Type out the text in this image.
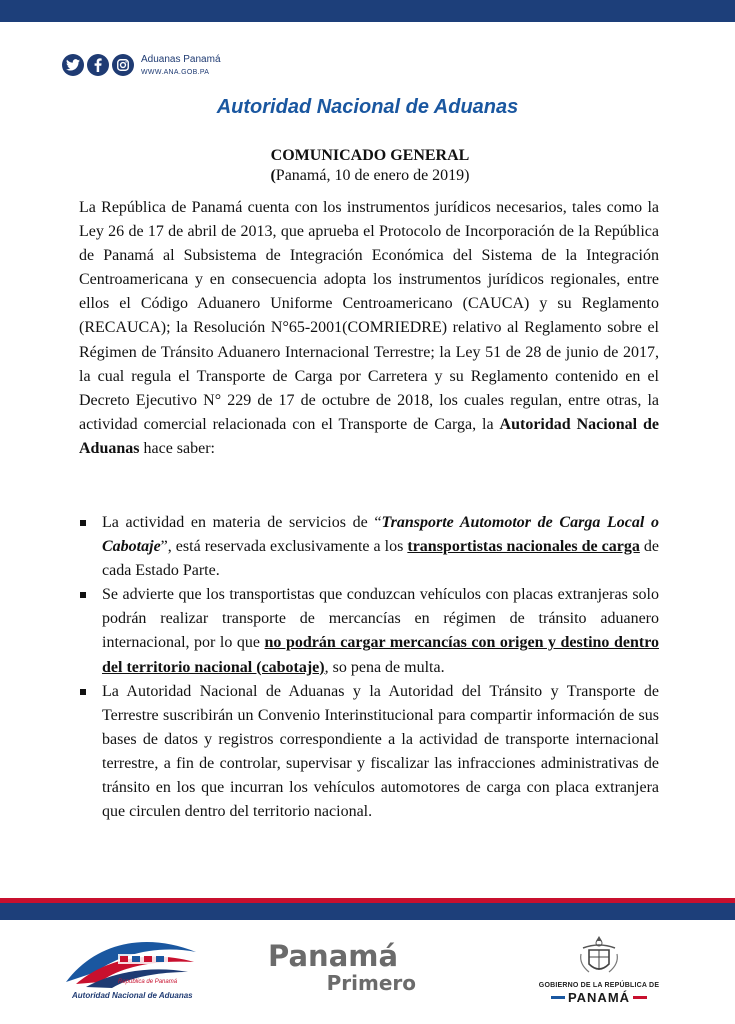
Aduanas Panamá
WWW.ANA.GOB.PA
Autoridad Nacional de Aduanas
COMUNICADO GENERAL
(Panamá, 10 de enero de 2019)

La República de Panamá cuenta con los instrumentos jurídicos necesarios, tales como la Ley 26 de 17 de abril de 2013, que aprueba el Protocolo de Incorporación de la República de Panamá al Subsistema de Integración Económica del Sistema de la Integración Centroamericana y en consecuencia adopta los instrumentos jurídicos regionales, entre ellos el Código Aduanero Uniforme Centroamericano (CAUCA) y su Reglamento (RECAUCA); la Resolución N°65-2001(COMRIEDRE) relativo al Reglamento sobre el Régimen de Tránsito Aduanero Internacional Terrestre; la Ley 51 de 28 de junio de 2017, la cual regula el Transporte de Carga por Carretera y su Reglamento contenido en el Decreto Ejecutivo N° 229 de 17 de octubre de 2018, los cuales regulan, entre otras, la actividad comercial relacionada con el Transporte de Carga, la Autoridad Nacional de Aduanas hace saber:

La actividad en materia de servicios de “Transporte Automotor de Carga Local o Cabotaje”, está reservada exclusivamente a los transportistas nacionales de carga de cada Estado Parte.
Se advierte que los transportistas que conduzcan vehículos con placas extranjeras solo podrán realizar transporte de mercancías en régimen de tránsito aduanero internacional, por lo que no podrán cargar mercancías con origen y destino dentro del territorio nacional (cabotaje), so pena de multa.
La Autoridad Nacional de Aduanas y la Autoridad del Tránsito y Transporte de Terrestre suscribirán un Convenio Interinstitucional para compartir información de sus bases de datos y registros correspondiente a la actividad de transporte internacional terrestre, a fin de controlar, supervisar y fiscalizar las infracciones administrativas de tránsito en los que incurran los vehículos automotores de carga con placa extranjera que circulen dentro del territorio nacional.
República de Panamá
Autoridad Nacional de Aduanas
Panamá
Primero	GOBIERNO DE LA REPÚBLICA DE
PANAMÁ
